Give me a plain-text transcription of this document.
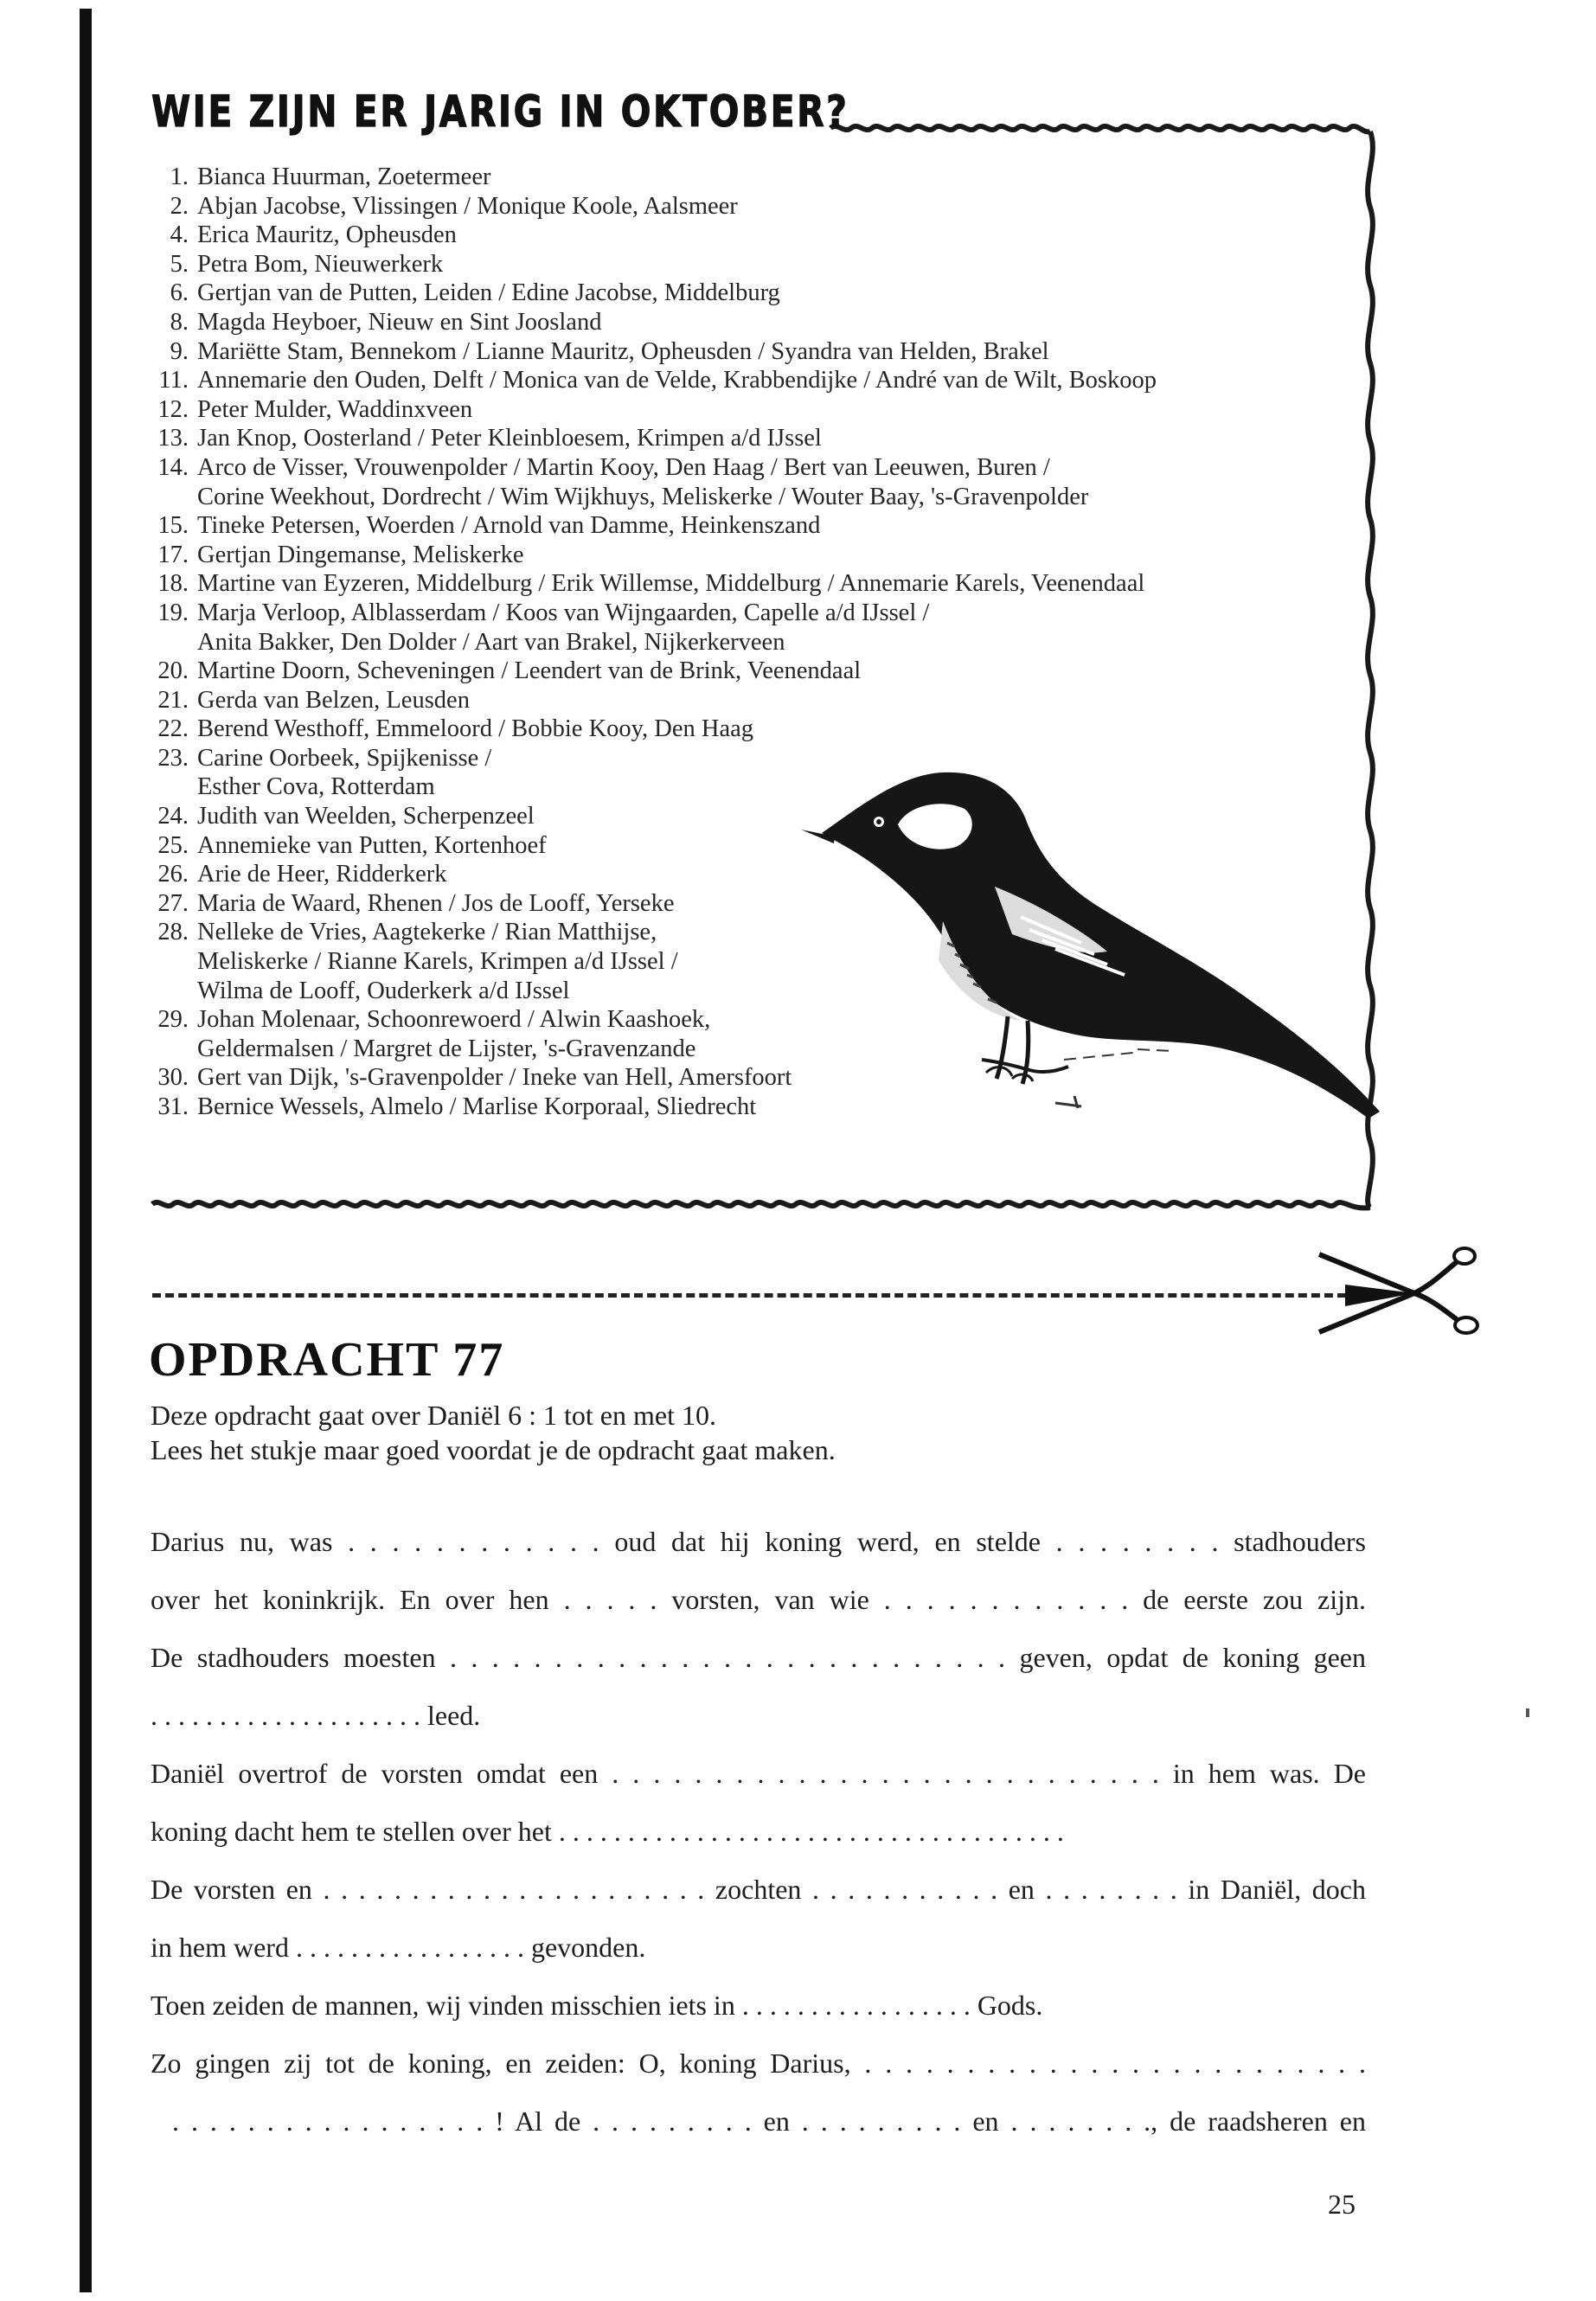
WIE ZIJN ER JARIG IN OKTOBER?
1. Bianca Huurman, Zoetermeer
2. Abjan Jacobse, Vlissingen / Monique Koole, Aalsmeer
4. Erica Mauritz, Opheusden
5. Petra Bom, Nieuwerkerk
6. Gertjan van de Putten, Leiden / Edine Jacobse, Middelburg
8. Magda Heyboer, Nieuw en Sint Joosland
9. Mariëtte Stam, Bennekom / Lianne Mauritz, Opheusden / Syandra van Helden, Brakel
11. Annemarie den Ouden, Delft / Monica van de Velde, Krabbendijke / André van de Wilt, Boskoop
12. Peter Mulder, Waddinxveen
13. Jan Knop, Oosterland / Peter Kleinbloesem, Krimpen a/d IJssel
14. Arco de Visser, Vrouwenpolder / Martin Kooy, Den Haag / Bert van Leeuwen, Buren /
Corine Weekhout, Dordrecht / Wim Wijkhuys, Meliskerke / Wouter Baay, 's-Gravenpolder
15. Tineke Petersen, Woerden / Arnold van Damme, Heinkenszand
17. Gertjan Dingemanse, Meliskerke
18. Martine van Eyzeren, Middelburg / Erik Willemse, Middelburg / Annemarie Karels, Veenendaal
19. Marja Verloop, Alblasserdam / Koos van Wijngaarden, Capelle a/d IJssel /
Anita Bakker, Den Dolder / Aart van Brakel, Nijkerkerveen
20. Martine Doorn, Scheveningen / Leendert van de Brink, Veenendaal
21. Gerda van Belzen, Leusden
22. Berend Westhoff, Emmeloord / Bobbie Kooy, Den Haag
23. Carine Oorbeek, Spijkenisse /
Esther Cova, Rotterdam
24. Judith van Weelden, Scherpenzeel
25. Annemieke van Putten, Kortenhoef
26. Arie de Heer, Ridderkerk
27. Maria de Waard, Rhenen / Jos de Looff, Yerseke
28. Nelleke de Vries, Aagtekerke / Rian Matthijse,
Meliskerke / Rianne Karels, Krimpen a/d IJssel /
Wilma de Looff, Ouderkerk a/d IJssel
29. Johan Molenaar, Schoonrewoerd / Alwin Kaashoek,
Geldermalsen / Margret de Lijster, 's-Gravenzande
30. Gert van Dijk, 's-Gravenpolder / Ineke van Hell, Amersfoort
31. Bernice Wessels, Almelo / Marlise Korporaal, Sliedrecht
OPDRACHT 77

Deze opdracht gaat over Daniël 6 : 1 tot en met 10.

Lees het stukje maar goed voordat je de opdracht gaat maken.

Darius nu, was . . . . . . . . . . . . oud dat hij koning werd, en stelde . . . . . . . . stadhouders

over het koninkrijk. En over hen . . . . . vorsten, van wie . . . . . . . . . . . . de eerste zou zijn.

De stadhouders moesten . . . . . . . . . . . . . . . . . . . . . . . . . . . geven, opdat de koning geen

. . . . . . . . . . . . . . . . . . . . leed.

Daniël overtrof de vorsten omdat een . . . . . . . . . . . . . . . . . . . . . . . . . . . in hem was. De

koning dacht hem te stellen over het . . . . . . . . . . . . . . . . . . . . . . . . . . . . . . . . . . . . .

De vorsten en . . . . . . . . . . . . . . . . . . . . . . zochten . . . . . . . . . . . en . . . . . . . . in Daniël, doch

in hem werd . . . . . . . . . . . . . . . . . gevonden.

Toen zeiden de mannen, wij vinden misschien iets in . . . . . . . . . . . . . . . . . Gods.

Zo gingen zij tot de koning, en zeiden: O, koning Darius, . . . . . . . . . . . . . . . . . . . . . . . . .

. . . . . . . . . . . . . . . . . ! Al de . . . . . . . . . en . . . . . . . . . en . . . . . . . ., de raadsheren en

25
